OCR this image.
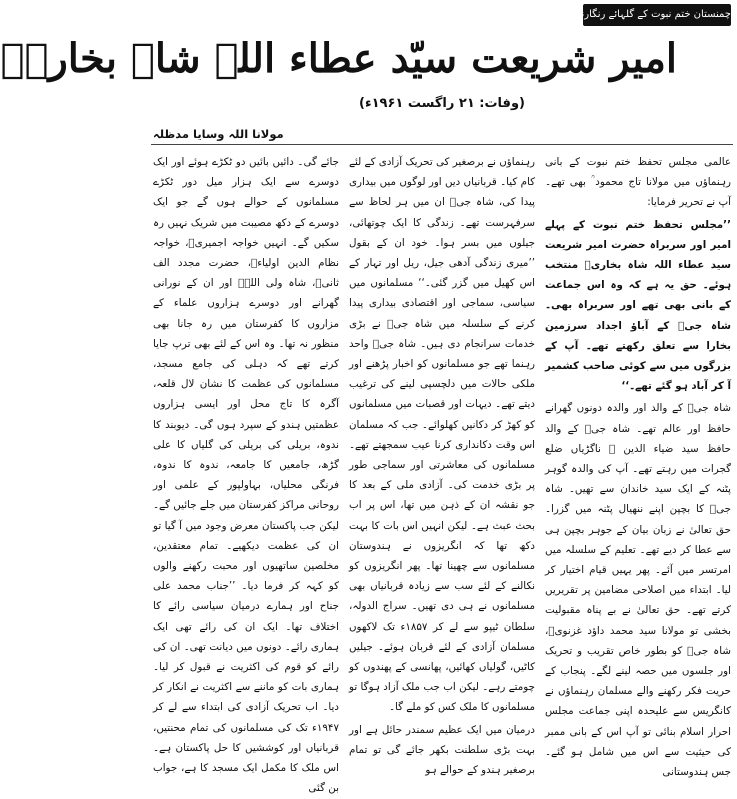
چمنستان ختم نبوت کے گلہائے رنگارنگ
امیر شریعت سیّد عطاء اللہ شاہ بخاریؒ
(وفات: ۲۱ راگست ۱۹۶۱ء)
مولانا اللہ وسایا مدظلہ

عالمی مجلس تحفظ ختم نبوت کے بانی رہنماؤں میں مولانا تاج محمود ؒ بھی تھے۔ آپ نے تحریر فرمایا:

’’مجلس تحفظ ختم نبوت کے پہلے امیر اور سربراہ حضرت امیر شریعت سید عطاء اللہ شاہ بخاریؒ منتخب ہوئے۔ حق یہ ہے کہ وہ اس جماعت کے بانی بھی تھے اور سربراہ بھی۔ شاہ جیؒ کے آباؤ اجداد سرزمین بخارا سے تعلق رکھتے تھے۔ آپ کے بزرگوں میں سے کوئی صاحب کشمیر آ کر آباد ہو گئے تھے۔‘‘

شاہ جیؒ کے والد اور والدہ دونوں گھرانے حافظ اور عالم تھے۔ شاہ جیؒ کے والد حافظ سید ضیاء الدین ؒ ناگڑیاں ضلع گجرات میں رہتے تھے۔ آپ کی والدہ گوہر پٹنہ کے ایک سید خاندان سے تھیں۔ شاہ جیؒ کا بچپن اپنے ننھیال پٹنہ میں گزرا۔ حق تعالیٰ نے زبان بیان کے جوہر بچپن ہی سے عطا کر دیے تھے۔ تعلیم کے سلسلہ میں امرتسر میں آئے۔ پھر یہیں قیام اختیار کر لیا۔ ابتداء میں اصلاحی مضامین پر تقریریں کرتے تھے۔ حق تعالیٰ نے بے پناہ مقبولیت بخشی تو مولانا سید محمد داؤد غزنویؒ، شاہ جیؒ کو بطور خاص تقریب و تحریک اور جلسوں میں حصہ لینے لگے۔ پنجاب کے حریت فکر رکھنے والے مسلمان رہنماؤں نے کانگریس سے علیحدہ اپنی جماعت مجلس احرار اسلام بنائی تو آپ اس کے بانی ممبر کی حیثیت سے اس میں شامل ہو گئے۔ جس ہندوستانی

رہنماؤں نے برصغیر کی تحریک آزادی کے لئے کام کیا۔ قربانیاں دیں اور لوگوں میں بیداری پیدا کی، شاہ جیؒ ان میں ہر لحاظ سے سرفہرست تھے۔ زندگی کا ایک چوتھائی، جیلوں میں بسر ہوا۔ خود ان کے بقول ’’میری زندگی آدھی جیل، ریل اور تہار کے اس کھیل میں گزر گئی۔‘‘ مسلمانوں میں سیاسی، سماجی اور اقتصادی بیداری پیدا کرنے کے سلسلہ میں شاہ جیؒ نے بڑی خدمات سرانجام دی ہیں۔ شاہ جیؒ واحد رہنما تھے جو مسلمانوں کو اخبار پڑھنے اور ملکی حالات میں دلچسپی لینے کی ترغیب دیتے تھے۔ دیہات اور قصبات میں مسلمانوں کو کھڑ کر دکانیں کھلوائے۔ جب کہ مسلمان اس وقت دکانداری کرنا عیب سمجھتے تھے۔ مسلمانوں کی معاشرتی اور سماجی طور پر بڑی خدمت کی۔ آزادی ملی کے بعد کا جو نقشہ ان کے ذہن میں تھا، اس پر اب بحث عبث ہے۔ لیکن انہیں اس بات کا بہت دکھ تھا کہ انگریزوں نے ہندوستان مسلمانوں سے چھینا تھا۔ پھر انگریزوں کو نکالنے کے لئے سب سے زیادہ قربانیاں بھی مسلمانوں نے ہی دی تھیں۔ سراج الدولہ، سلطان ٹیپو سے لے کر ۱۸۵۷ء تک لاکھوں مسلمان آزادی کے لئے قربان ہوئے۔ جیلیں کاٹیں، گولیاں کھائیں، پھانسی کے پھندوں کو چومتے رہے۔ لیکن اب جب ملک آزاد ہوگا تو مسلمانوں کا ملک کس کو ملے گا۔

درمیان میں ایک عظیم سمندر حائل ہے اور بہت بڑی سلطنت بکھر جائے گی تو تمام برصغیر ہندو کے حوالے ہو

جائے گی۔ دائیں بائیں دو ٹکڑے ہوئے اور ایک دوسرے سے ایک ہزار میل دور ٹکڑے مسلمانوں کے حوالے ہوں گے جو ایک دوسرے کے دکھ مصیبت میں شریک نہیں رہ سکیں گے۔ انہیں خواجہ اجمیریؒ، خواجہ نظام الدین اولیاءؒ، حضرت مجدد الف ثانیؒ، شاہ ولی اللہؒ اور ان کے نورانی گھرانے اور دوسرے ہزاروں علماء کے مزاروں کا کفرستان میں رہ جانا بھی منظور نہ تھا۔ وہ اس کے لئے بھی ترپ جایا کرتے تھے کہ دہلی کی جامع مسجد، مسلمانوں کی عظمت کا نشان لال قلعہ، آگرہ کا تاج محل اور ایسی ہزاروں عظمتیں ہندو کے سپرد ہوں گی۔ دیوبند کا ندوہ، بریلی کی بریلی کی گلیاں کا علی گڑھ، جامعیں کا جامعہ، ندوہ کا ندوہ، فرنگی محلیاں، بہاولپور کے علمی اور روحانی مراکز کفرستان میں جلے جائیں گے۔ لیکن جب پاکستان معرض وجود میں آ گیا تو ان کی عظمت دیکھیے۔ تمام معتقدین، مخلصین ساتھیوں اور محبت رکھنے والوں کو کہہ کر فرما دیا۔ ’’جناب محمد علی جناح اور ہمارے درمیان سیاسی رائے کا اختلاف تھا۔ ایک ان کی رائے تھی ایک ہماری رائے۔ دونوں میں دیانت تھی۔ ان کی رائے کو قوم کی اکثریت نے قبول کر لیا۔ ہماری بات کو ماننے سے اکثریت نے انکار کر دیا۔ اب تحریک آزادی کی ابتداء سے لے کر ۱۹۴۷ء تک کی مسلمانوں کی تمام محنتیں، قربانیاں اور کوششیں کا حل پاکستان ہے۔ اس ملک کا مکمل ایک مسجد کا ہے، جواب بن گئی
